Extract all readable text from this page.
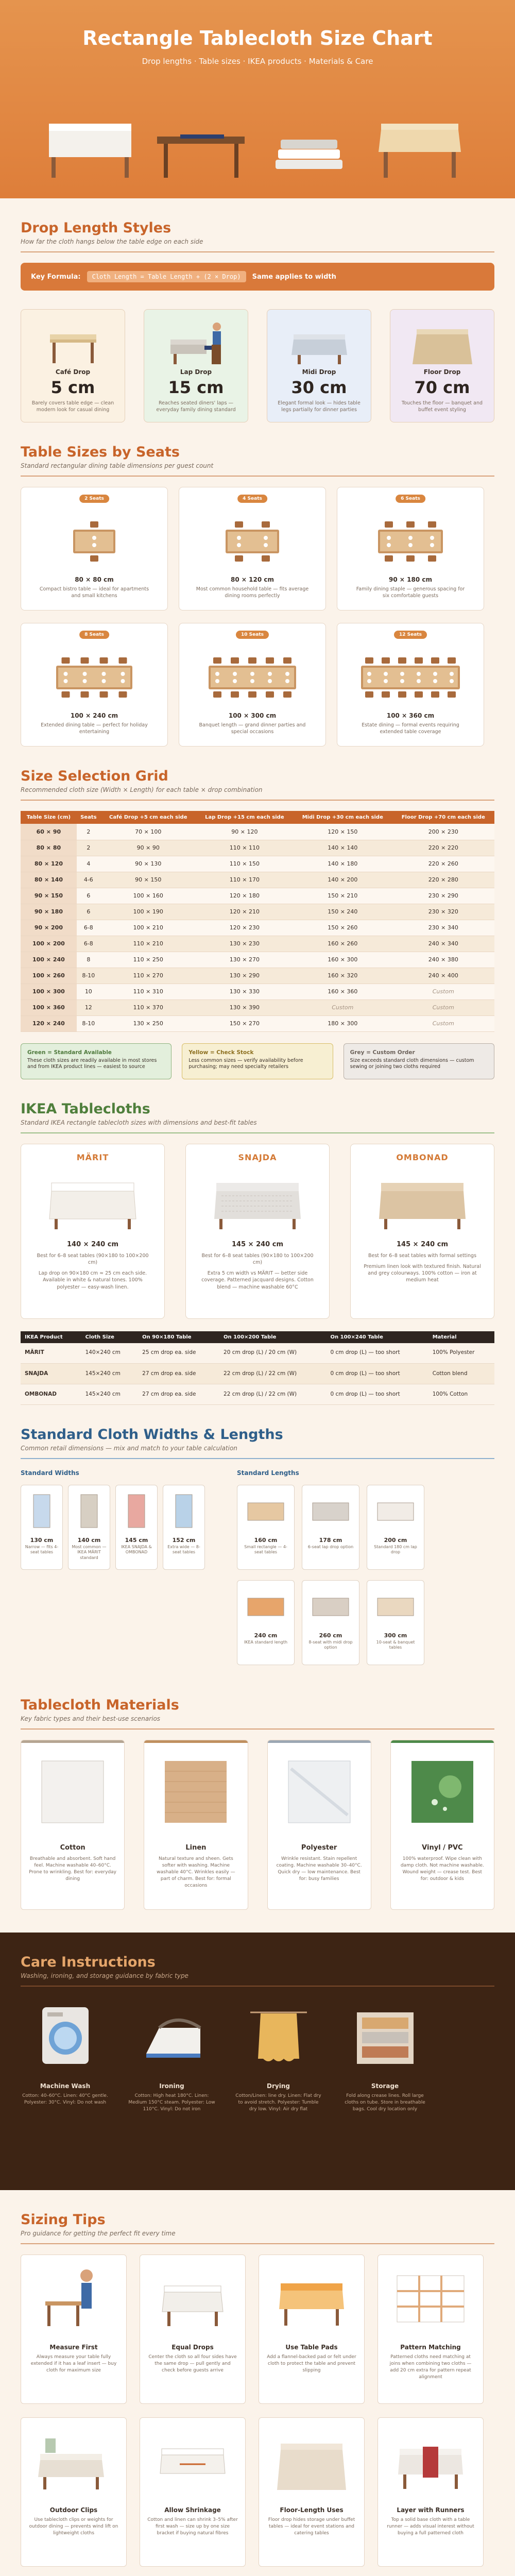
Rectangle Tablecloth Size Chart
Drop lengths · Table sizes · IKEA products · Materials & Care
Drop Length Styles
How far the cloth hangs below the table edge on each side
Key Formula:	Cloth Length = Table Length + (2 × Drop)	Same applies to width
Café Drop
5 cm
Barely covers table edge — clean modern look for casual dining
Lap Drop
15 cm
Reaches seated diners' laps — everyday family dining standard
Midi Drop
30 cm
Elegant formal look — hides table legs partially for dinner parties
Floor Drop
70 cm
Touches the floor — banquet and buffet event styling
Table Sizes by Seats
Standard rectangular dining table dimensions per guest count
2 Seats
80 × 80 cm
Compact bistro table — ideal for apartments and small kitchens
4 Seats
80 × 120 cm
Most common household table — fits average dining rooms perfectly
6 Seats
90 × 180 cm
Family dining staple — generous spacing for six comfortable guests
8 Seats
100 × 240 cm
Extended dining table — perfect for holiday entertaining
10 Seats
100 × 300 cm
Banquet length — grand dinner parties and special occasions
12 Seats
100 × 360 cm
Estate dining — formal events requiring extended table coverage
Size Selection Grid
Recommended cloth size (Width × Length) for each table × drop combination
Table Size (cm)	Seats	Café Drop +5 cm each side	Lap Drop +15 cm each side	Midi Drop +30 cm each side	Floor Drop +70 cm each side
60 × 90	2	70 × 100	90 × 120	120 × 150	200 × 230
80 × 80	2	90 × 90	110 × 110	140 × 140	220 × 220
80 × 120	4	90 × 130	110 × 150	140 × 180	220 × 260
80 × 140	4-6	90 × 150	110 × 170	140 × 200	220 × 280
90 × 150	6	100 × 160	120 × 180	150 × 210	230 × 290
90 × 180	6	100 × 190	120 × 210	150 × 240	230 × 320
90 × 200	6-8	100 × 210	120 × 230	150 × 260	230 × 340
100 × 200	6-8	110 × 210	130 × 230	160 × 260	240 × 340
100 × 240	8	110 × 250	130 × 270	160 × 300	240 × 380
100 × 260	8-10	110 × 270	130 × 290	160 × 320	240 × 400
100 × 300	10	110 × 310	130 × 330	160 × 360	Custom
100 × 360	12	110 × 370	130 × 390	Custom	Custom
120 × 240	8-10	130 × 250	150 × 270	180 × 300	Custom
Green = Standard Available
These cloth sizes are readily available in most stores and from IKEA product lines — easiest to source
Yellow = Check Stock
Less common sizes — verify availability before purchasing; may need specialty retailers
Grey = Custom Order
Size exceeds standard cloth dimensions — custom sewing or joining two cloths required
IKEA Tablecloths
Standard IKEA rectangle tablecloth sizes with dimensions and best-fit tables
MÄRIT
140 × 240 cm
Best for 6–8 seat tables (90×180 to 100×200 cm)
Lap drop on 90×180 cm ≈ 25 cm each side. Available in white & natural tones. 100% polyester — easy-wash linen.
SNAJDA
145 × 240 cm
Best for 6–8 seat tables (90×180 to 100×200 cm)
Extra 5 cm width vs MÄRIT — better side coverage. Patterned jacquard designs. Cotton blend — machine washable 60°C
OMBONAD
145 × 240 cm
Best for 6–8 seat tables with formal settings
Premium linen look with textured finish. Natural and grey colourways. 100% cotton — iron at medium heat
IKEA Product	Cloth Size	On 90×180 Table	On 100×200 Table	On 100×240 Table	Material
MÄRIT	140×240 cm	25 cm drop ea. side	20 cm drop (L) / 20 cm (W)	0 cm drop (L) — too short	100% Polyester
SNAJDA	145×240 cm	27 cm drop ea. side	22 cm drop (L) / 22 cm (W)	0 cm drop (L) — too short	Cotton blend
OMBONAD	145×240 cm	27 cm drop ea. side	22 cm drop (L) / 22 cm (W)	0 cm drop (L) — too short	100% Cotton
Standard Cloth Widths & Lengths
Common retail dimensions — mix and match to your table calculation
Standard Widths
130 cm
Narrow — fits 4-seat tables
140 cm
Most common — IKEA MÄRIT standard
145 cm
IKEA SNAJDA & OMBONAD
152 cm
Extra wide — 8-seat tables
Standard Lengths
160 cm
Small rectangle — 4-seat tables
178 cm
6-seat lap drop option
200 cm
Standard 180 cm lap drop
240 cm
IKEA standard length
260 cm
8-seat with midi drop option
300 cm
10-seat & banquet tables
Tablecloth Materials
Key fabric types and their best-use scenarios
Cotton
Breathable and absorbent. Soft hand feel. Machine washable 40–60°C. Prone to wrinkling. Best for: everyday dining
Linen
Natural texture and sheen. Gets softer with washing. Machine washable 40°C. Wrinkles easily — part of charm. Best for: formal occasions
Polyester
Wrinkle resistant. Stain repellent coating. Machine washable 30–40°C. Quick dry — low maintenance. Best for: busy families
Vinyl / PVC
100% waterproof. Wipe clean with damp cloth. Not machine washable. Wound weight — crease test. Best for: outdoor & kids
Care Instructions
Washing, ironing, and storage guidance by fabric type
Machine Wash
Cotton: 40–60°C. Linen: 40°C gentle. Polyester: 30°C. Vinyl: Do not wash
Ironing
Cotton: High heat 180°C. Linen: Medium 150°C steam. Polyester: Low 110°C. Vinyl: Do not iron
Drying
Cotton/Linen: line dry. Linen: Flat dry to avoid stretch. Polyester: Tumble dry low. Vinyl: Air dry flat
Storage
Fold along crease lines. Roll large cloths on tube. Store in breathable bags. Cool dry location only
Sizing Tips
Pro guidance for getting the perfect fit every time
Measure First
Always measure your table fully extended if it has a leaf insert — buy cloth for maximum size
Equal Drops
Center the cloth so all four sides have the same drop — pull gently and check before guests arrive
Use Table Pads
Add a flannel-backed pad or felt under cloth to protect the table and prevent slipping
Pattern Matching
Patterned cloths need matching at joins when combining two cloths — add 20 cm extra for pattern repeat alignment
Outdoor Clips
Use tablecloth clips or weights for outdoor dining — prevents wind lift on lightweight cloths
Allow Shrinkage
Cotton and linen can shrink 3–5% after first wash — size up by one size bracket if buying natural fibres
Floor-Length Uses
Floor drop hides storage under buffet tables — ideal for event stations and catering tables
Layer with Runners
Top a solid base cloth with a table runner — adds visual interest without buying a full patterned cloth
